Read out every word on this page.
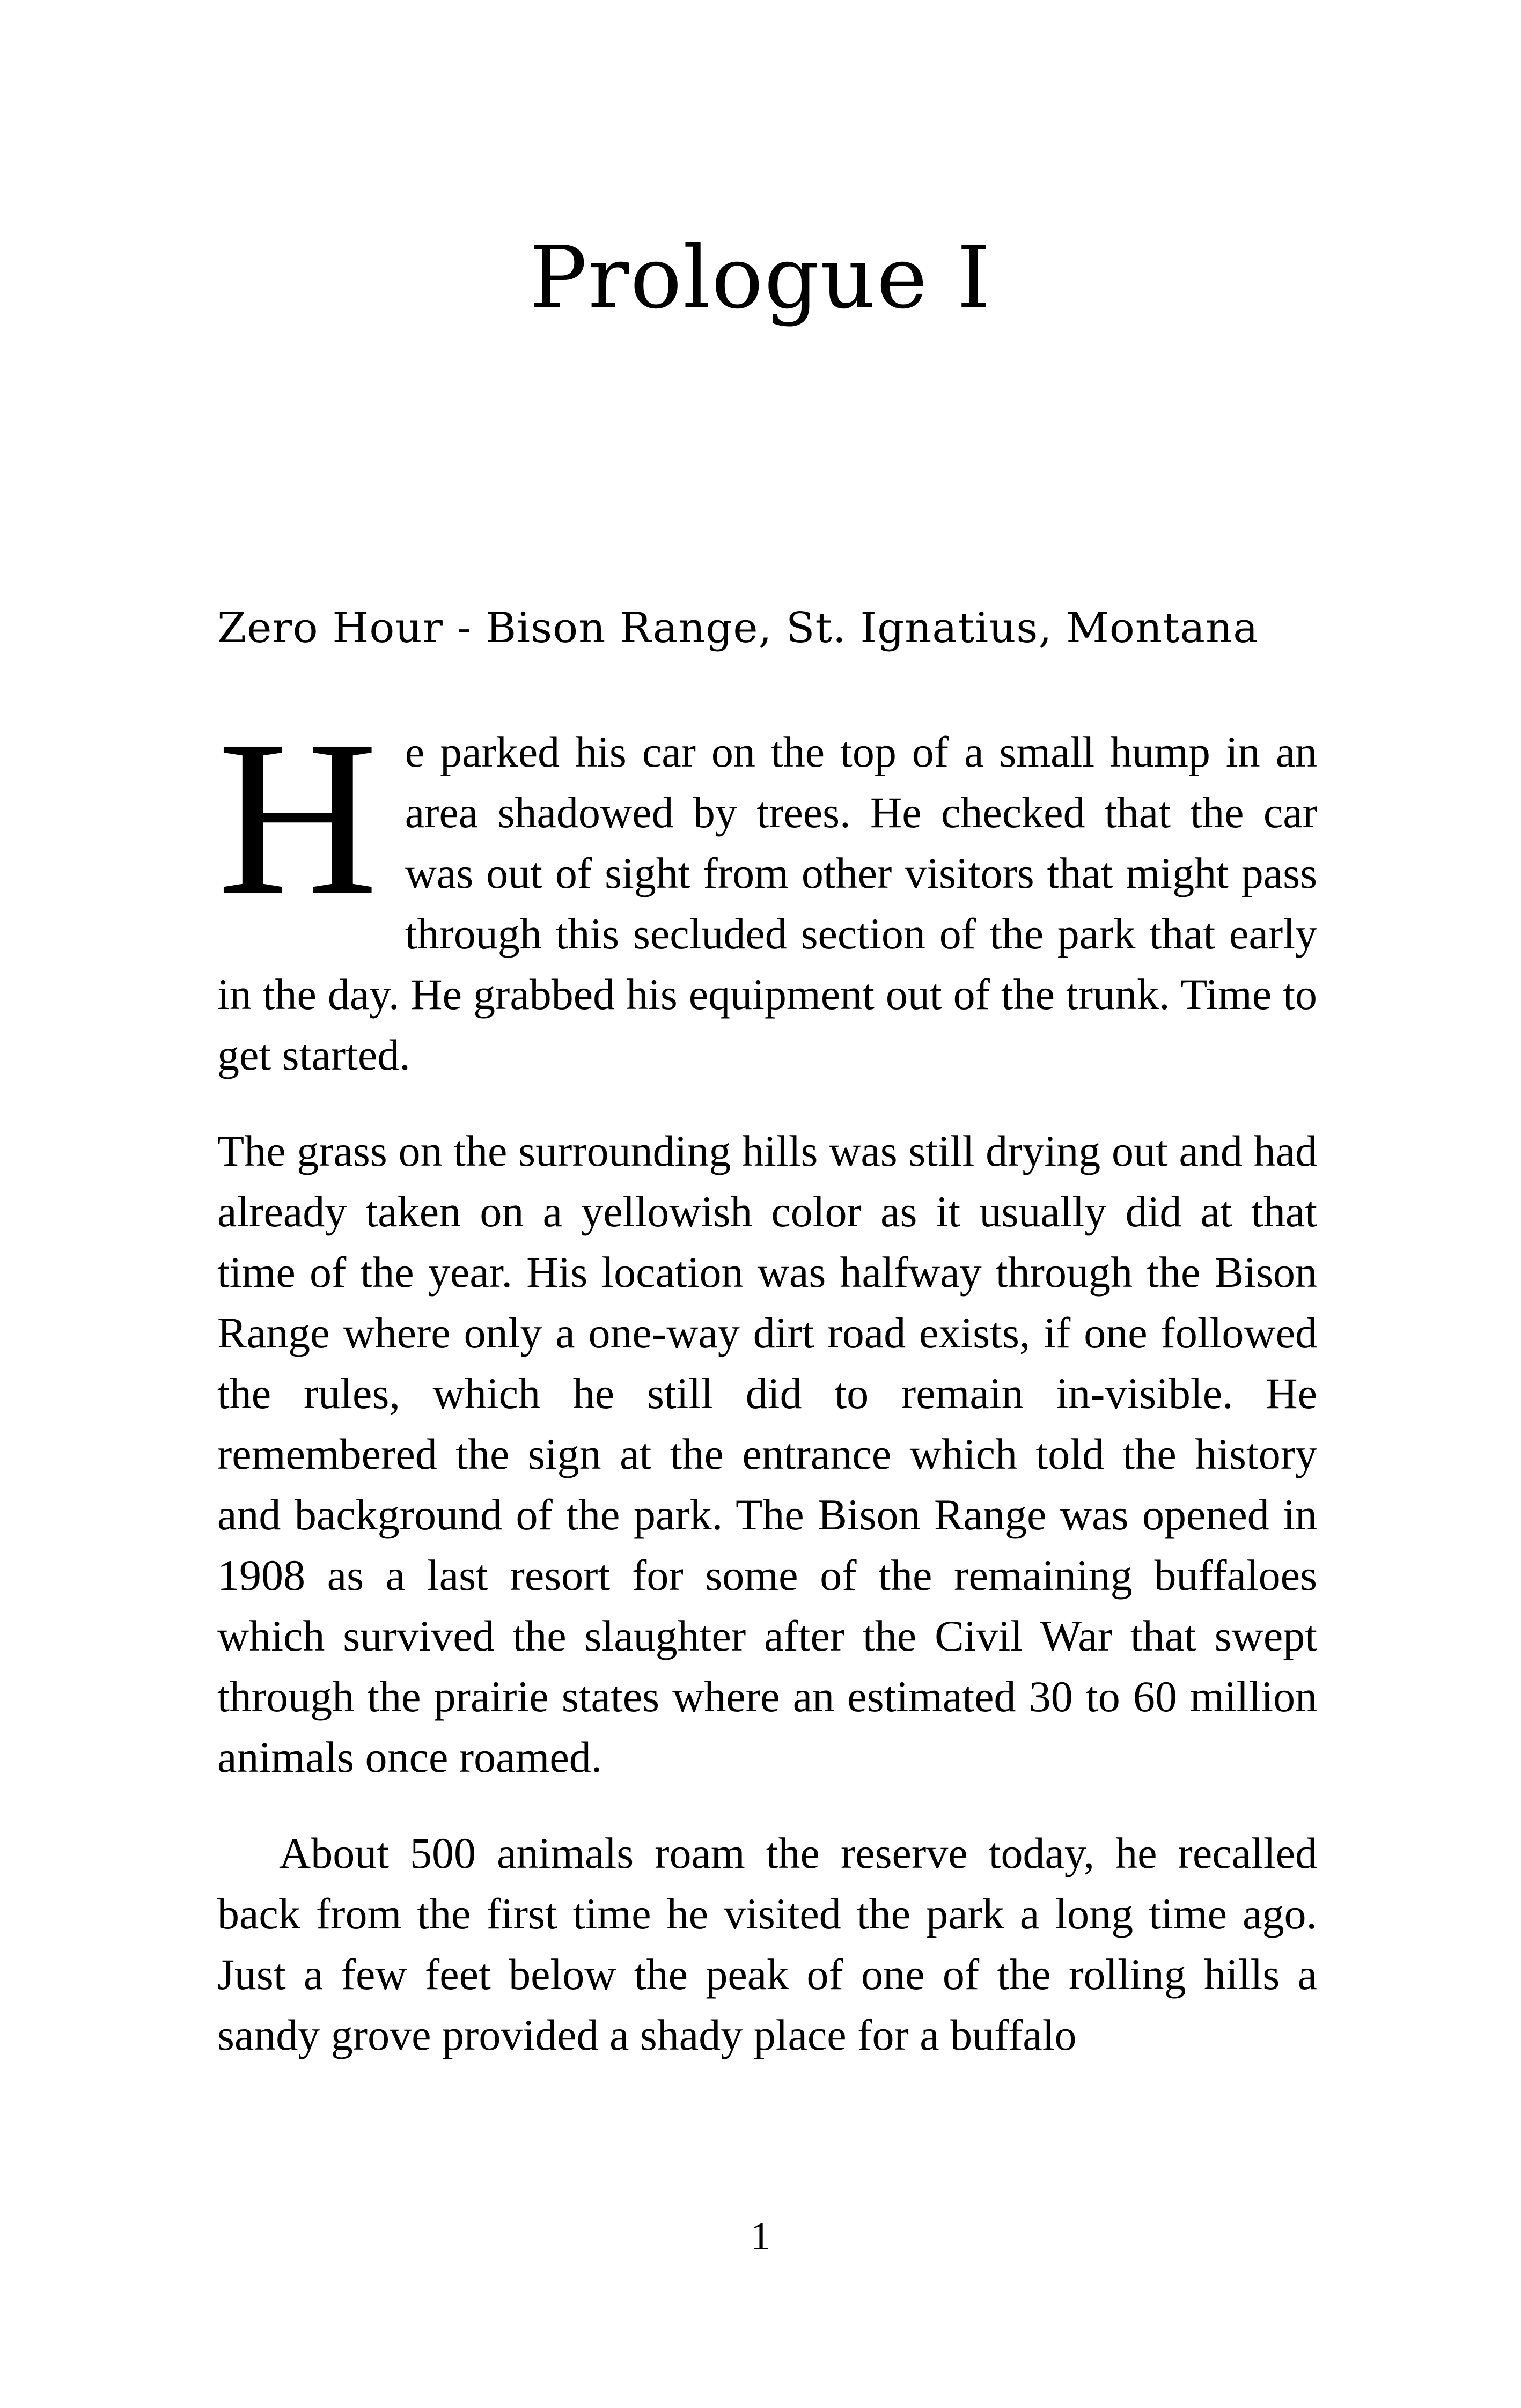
Prologue I
Zero Hour - Bison Range, St. Ignatius, Montana

He parked his car on the top of a small hump in an area shadowed by trees. He checked that the car was out of sight from other visitors that might pass through this secluded section of the park that early in the day. He grabbed his equipment out of the trunk. Time to get started.

The grass on the surrounding hills was still drying out and had already taken on a yellowish color as it usually did at that time of the year. His location was halfway through the Bison Range where only a one-way dirt road exists, if one followed the rules, which he still did to remain in-visible. He remembered the sign at the entrance which told the history and background of the park. The Bison Range was opened in 1908 as a last resort for some of the remaining buffaloes which survived the slaughter after the Civil War that swept through the prairie states where an estimated 30 to 60 million animals once roamed.

About 500 animals roam the reserve today, he recalled back from the first time he visited the park a long time ago. Just a few feet below the peak of one of the rolling hills a sandy grove provided a shady place for a buffalo

1
